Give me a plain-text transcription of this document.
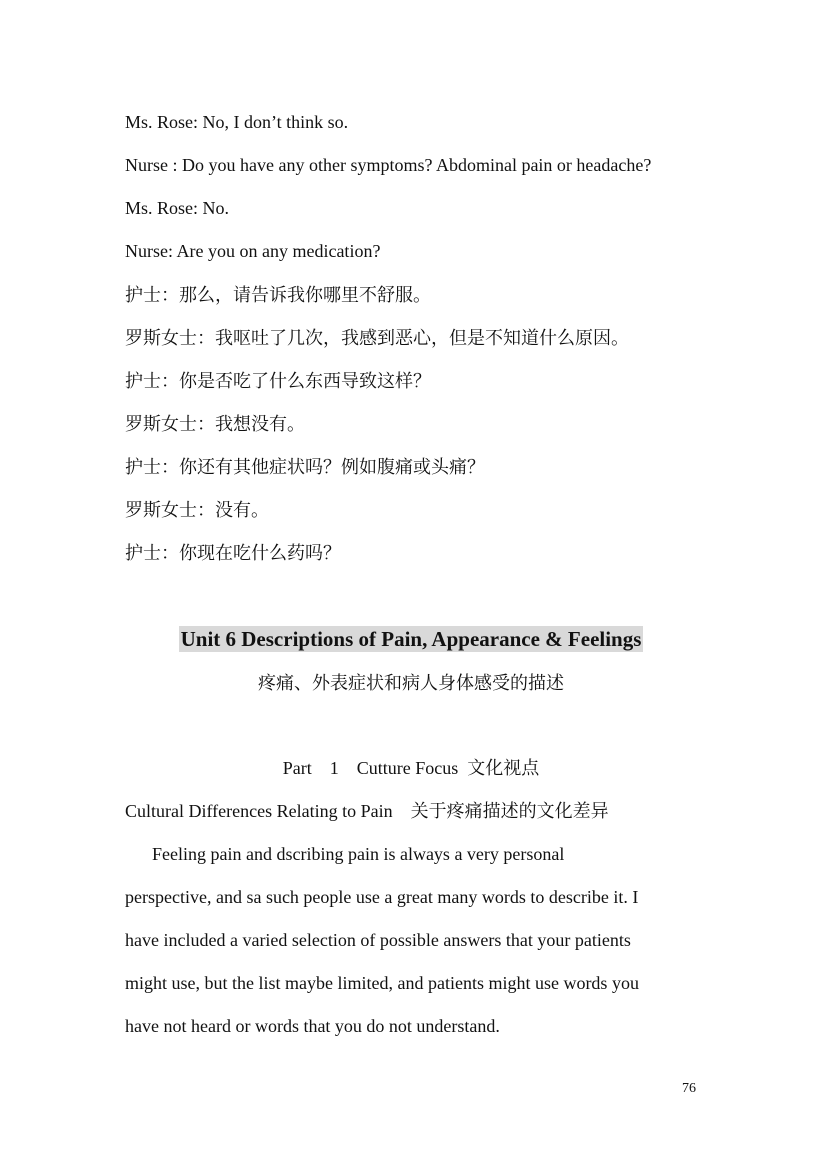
Ms. Rose: No, I don’t think so.
Nurse : Do you have any other symptoms? Abdominal pain or headache?
Ms. Rose: No.
Nurse: Are you on any medication?
护士：那么，请告诉我你哪里不舒服。
罗斯女士：我呕吐了几次，我感到恶心，但是不知道什么原因。
护士：你是否吃了什么东西导致这样？
罗斯女士：我想没有。
护士：你还有其他症状吗？例如腹痛或头痛？
罗斯女士：没有。
护士：你现在吃什么药吗？
Unit 6 Descriptions of Pain, Appearance & Feelings
疼痛、外表症状和病人身体感受的描述
Part    1    Cutture Focus  文化视点
Cultural Differences Relating to Pain    关于疼痛描述的文化差异
Feeling pain and dscribing pain is always a very personal
perspective, and sa such people use a great many words to describe it. I
have included a varied selection of possible answers that your patients
might use, but the list maybe limited, and patients might use words you
have not heard or words that you do not understand.
76
